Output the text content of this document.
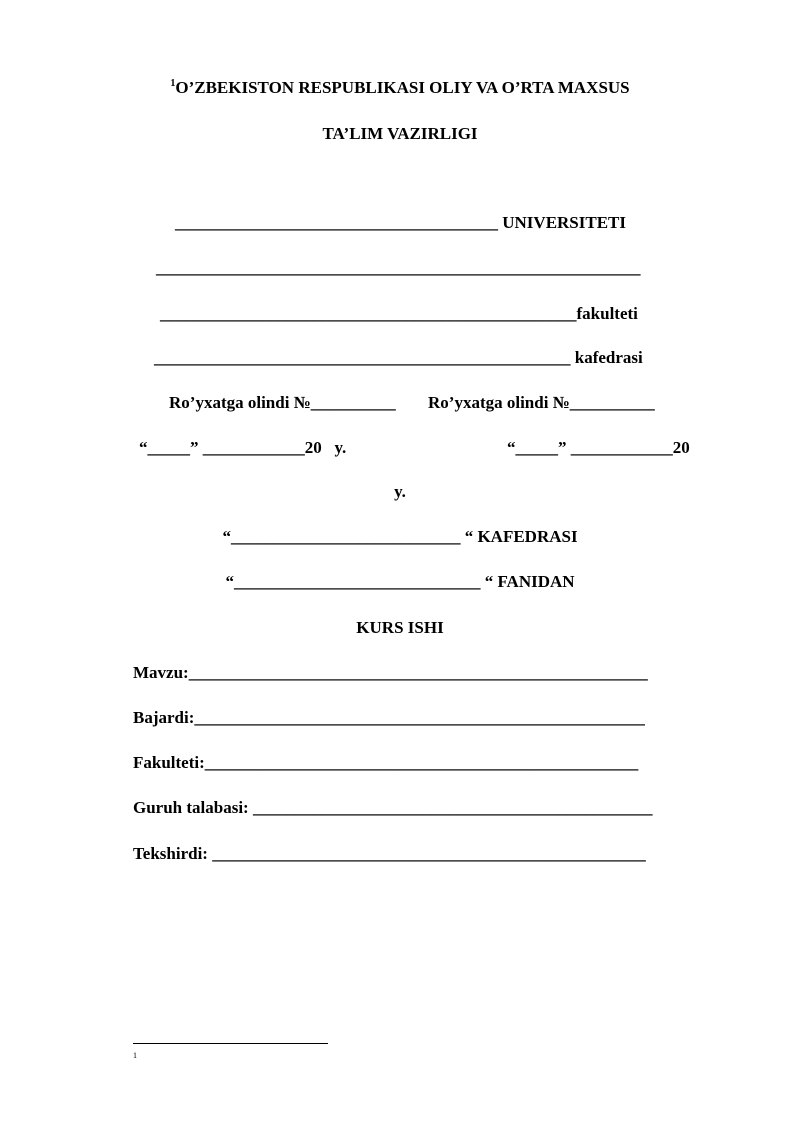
$^1$O’ZBEKISTON RESPUBLIKASI OLIY VA O’RTA MAXSUS
TA’LIM VAZIRLIGI
______________________________________ UNIVERSITETI
_________________________________________________________
_________________________________________________fakulteti
_________________________________________________ kafedrasi
Ro’yxatga olindi №__________ Ro’yxatga olindi №__________
“_____” ____________20   y.	“_____” ____________20
y.
“___________________________ “ KAFEDRASI
“_____________________________ “ FANIDAN
KURS ISHI
Mavzu:______________________________________________________
Bajardi:_____________________________________________________
Fakulteti:___________________________________________________
Guruh talabasi: _______________________________________________
Tekshirdi: ___________________________________________________
1
